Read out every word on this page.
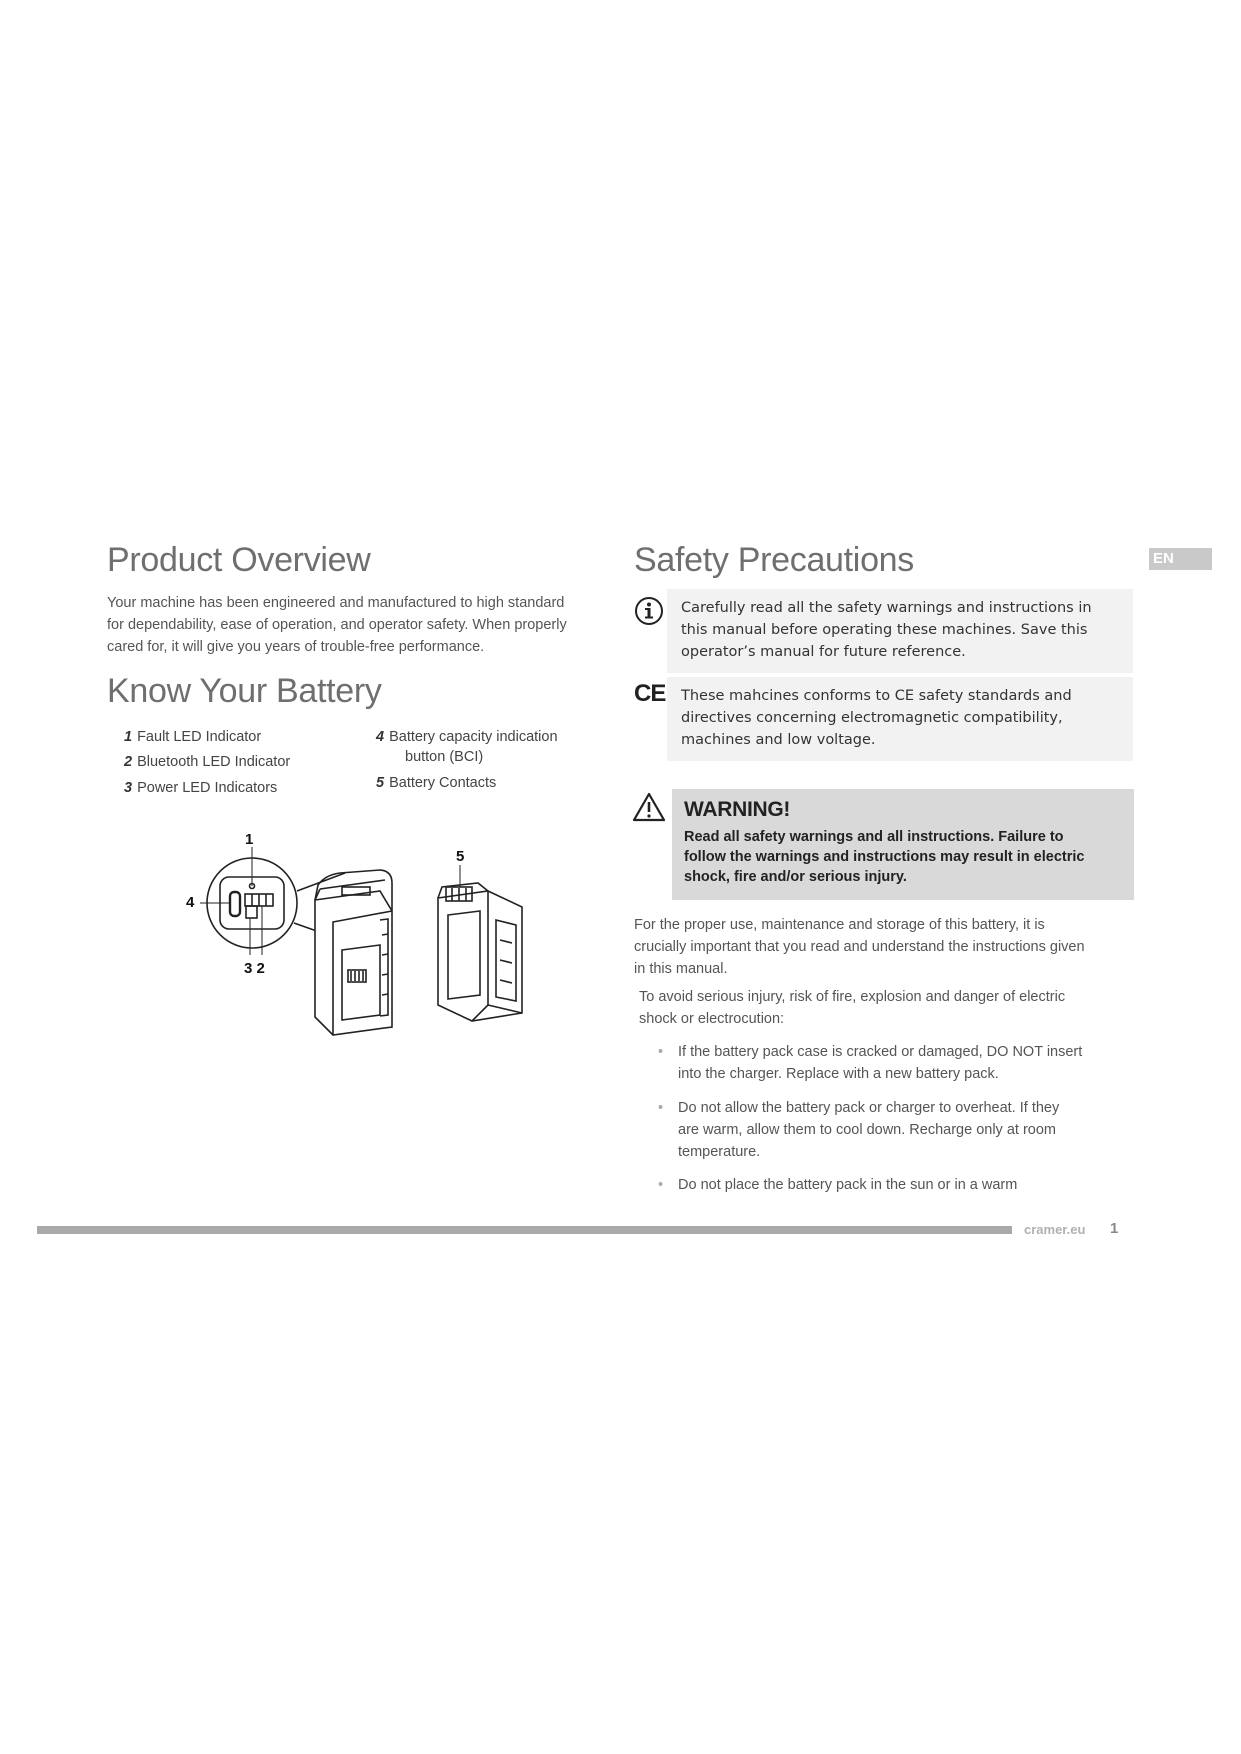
EN
Product Overview
Your machine has been engineered and manufactured to high standard
for dependability, ease of operation, and operator safety. When properly
cared for, it will give you years of trouble-free performance.
Know Your Battery
1 Fault LED Indicator
2 Bluetooth LED Indicator
3 Power LED Indicators
4 Battery capacity indication
button (BCI)
5 Battery Contacts
1
4
3 2
5
Safety Precautions
Carefully read all the safety warnings and instructions in
this manual before operating these machines. Save this
operator’s manual for future reference.
CE These mahcines conforms to CE safety standards and
directives concerning electromagnetic compatibility,
machines and low voltage.
WARNING!
Read all safety warnings and all instructions. Failure to
follow the warnings and instructions may result in electric
shock, fire and/or serious injury.
For the proper use, maintenance and storage of this battery, it is
crucially important that you read and understand the instructions given
in this manual.
To avoid serious injury, risk of fire, explosion and danger of electric
shock or electrocution:
• If the battery pack case is cracked or damaged, DO NOT insert
into the charger. Replace with a new battery pack.
• Do not allow the battery pack or charger to overheat. If they
are warm, allow them to cool down. Recharge only at room
temperature.
• Do not place the battery pack in the sun or in a warm
cramer.eu 1
